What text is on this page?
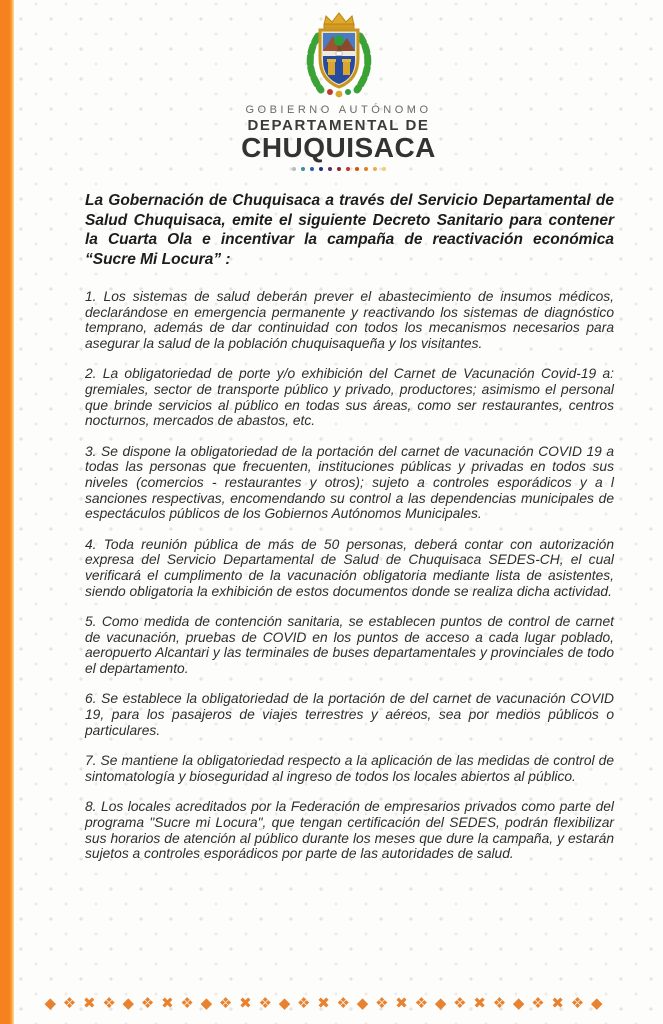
GOBIERNO AUTÓNOMO
DEPARTAMENTAL DE
CHUQUISACA

La Gobernación de Chuquisaca a través del Servicio Departamental de Salud Chuquisaca, emite el siguiente Decreto Sanitario para contener la Cuarta Ola e incentivar la campaña de reactivación económica “Sucre Mi Locura” :

1. Los sistemas de salud deberán prever el abastecimiento de insumos médicos, declarándose en emergencia permanente y reactivando los sistemas de diagnóstico temprano, además de dar continuidad con todos los mecanismos necesarios para asegurar la salud de la población chuquisaqueña y los visitantes.

2. La obligatoriedad de porte y/o exhibición del Carnet de Vacunación Covid-19 a: gremiales, sector de transporte público y privado, productores; asimismo el personal que brinde servicios al público en todas sus áreas, como ser restaurantes, centros nocturnos, mercados de abastos, etc.

3. Se dispone la obligatoriedad de la portación del carnet de vacunación COVID 19 a todas las personas que frecuenten, instituciones públicas y privadas en todos sus niveles (comercios - restaurantes y otros); sujeto a controles esporádicos y a l sanciones respectivas, encomendando su control a las dependencias municipales de espectáculos públicos de los Gobiernos Autónomos Municipales.

4. Toda reunión pública de más de 50 personas, deberá contar con autorización expresa del Servicio Departamental de Salud de Chuquisaca SEDES-CH, el cual verificará el cumplimento de la vacunación obligatoria mediante lista de asistentes, siendo obligatoria la exhibición de estos documentos donde se realiza dicha actividad.

5. Como medida de contención sanitaria, se establecen puntos de control de carnet de vacunación, pruebas de COVID en los puntos de acceso a cada lugar poblado, aeropuerto Alcantari y las terminales de buses departamentales y provinciales de todo el departamento.

6. Se establece la obligatoriedad de la portación de del carnet de vacunación COVID 19, para los pasajeros de viajes terrestres y aéreos, sea por medios públicos o particulares.

7. Se mantiene la obligatoriedad respecto a la aplicación de las medidas de control de sintomatología y bioseguridad al ingreso de todos los locales abiertos al público.

8. Los locales acreditados por la Federación de empresarios privados como parte del programa "Sucre mi Locura", que tengan certificación del SEDES, podrán flexibilizar sus horarios de atención al público durante los meses que dure la campaña, y estarán sujetos a controles esporádicos por parte de las autoridades de salud.

◆ ❖ ✖ ❖ ◆ ❖ ✖ ❖ ◆ ❖ ✖ ❖ ◆ ❖ ✖ ❖ ◆ ❖ ✖ ❖ ◆ ❖ ✖ ❖ ◆ ❖ ✖ ❖ ◆
